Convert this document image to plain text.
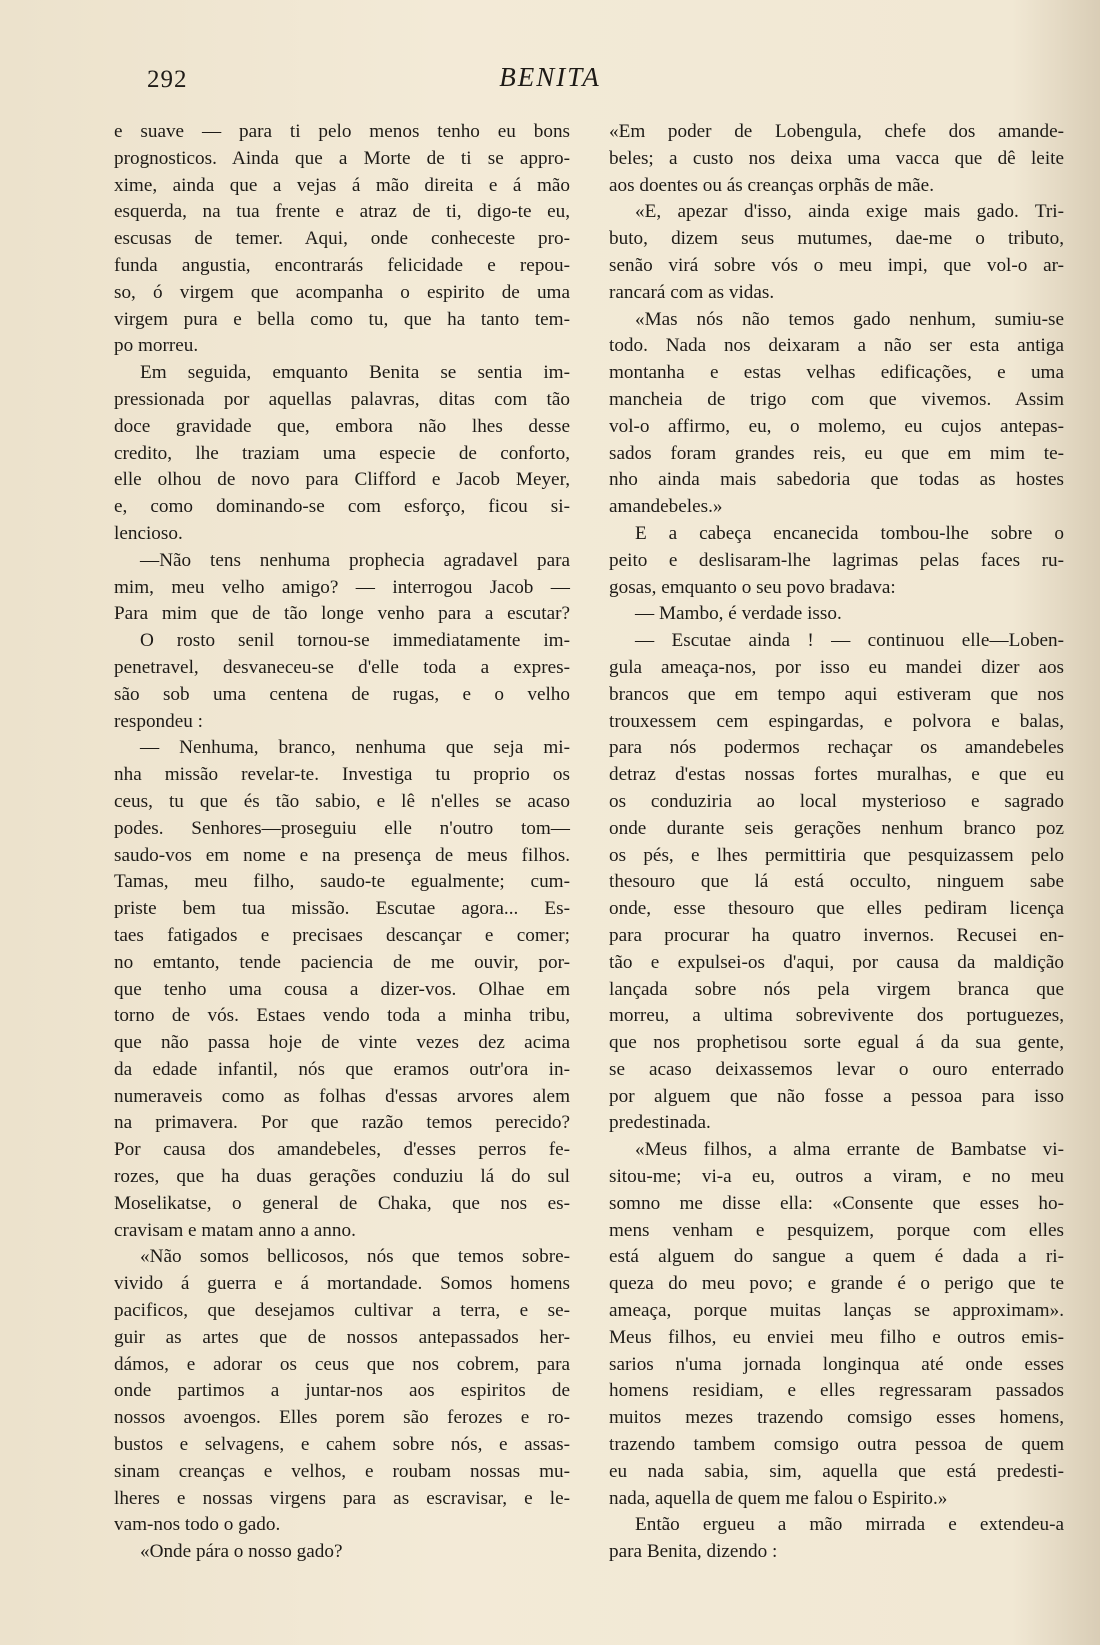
292	BENITA
e suave — para ti pelo menos tenho eu bons
prognosticos. Ainda que a Morte de ti se appro-
xime, ainda que a vejas á mão direita e á mão
esquerda, na tua frente e atraz de ti, digo-te eu,
escusas de temer. Aqui, onde conheceste pro-
funda angustia, encontrarás felicidade e repou-
so, ó virgem que acompanha o espirito de uma
virgem pura e bella como tu, que ha tanto tem-
po morreu.
Em seguida, emquanto Benita se sentia im-
pressionada por aquellas palavras, ditas com tão
doce gravidade que, embora não lhes desse
credito, lhe traziam uma especie de conforto,
elle olhou de novo para Clifford e Jacob Meyer,
e, como dominando-se com esforço, ficou si-
lencioso.
—Não tens nenhuma prophecia agradavel para
mim, meu velho amigo? — interrogou Jacob —
Para mim que de tão longe venho para a escutar?
O rosto senil tornou-se immediatamente im-
penetravel, desvaneceu-se d'elle toda a expres-
são sob uma centena de rugas, e o velho
respondeu :
— Nenhuma, branco, nenhuma que seja mi-
nha missão revelar-te. Investiga tu proprio os
ceus, tu que és tão sabio, e lê n'elles se acaso
podes. Senhores—proseguiu elle n'outro tom—
saudo-vos em nome e na presença de meus filhos.
Tamas, meu filho, saudo-te egualmente; cum-
priste bem tua missão. Escutae agora... Es-
taes fatigados e precisaes descançar e comer;
no emtanto, tende paciencia de me ouvir, por-
que tenho uma cousa a dizer-vos. Olhae em
torno de vós. Estaes vendo toda a minha tribu,
que não passa hoje de vinte vezes dez acima
da edade infantil, nós que eramos outr'ora in-
numeraveis como as folhas d'essas arvores alem
na primavera. Por que razão temos perecido?
Por causa dos amandebeles, d'esses perros fe-
rozes, que ha duas gerações conduziu lá do sul
Moselikatse, o general de Chaka, que nos es-
cravisam e matam anno a anno.
«Não somos bellicosos, nós que temos sobre-
vivido á guerra e á mortandade. Somos homens
pacificos, que desejamos cultivar a terra, e se-
guir as artes que de nossos antepassados her-
dámos, e adorar os ceus que nos cobrem, para
onde partimos a juntar-nos aos espiritos de
nossos avoengos. Elles porem são ferozes e ro-
bustos e selvagens, e cahem sobre nós, e assas-
sinam creanças e velhos, e roubam nossas mu-
lheres e nossas virgens para as escravisar, e le-
vam-nos todo o gado.
«Onde pára o nosso gado?
«Em poder de Lobengula, chefe dos amande-
beles; a custo nos deixa uma vacca que dê leite
aos doentes ou ás creanças orphãs de mãe.
«E, apezar d'isso, ainda exige mais gado. Tri-
buto, dizem seus mutumes, dae-me o tributo,
senão virá sobre vós o meu impi, que vol-o ar-
rancará com as vidas.
«Mas nós não temos gado nenhum, sumiu-se
todo. Nada nos deixaram a não ser esta antiga
montanha e estas velhas edificações, e uma
mancheia de trigo com que vivemos. Assim
vol-o affirmo, eu, o molemo, eu cujos antepas-
sados foram grandes reis, eu que em mim te-
nho ainda mais sabedoria que todas as hostes
amandebeles.»
E a cabeça encanecida tombou-lhe sobre o
peito e deslisaram-lhe lagrimas pelas faces ru-
gosas, emquanto o seu povo bradava:
— Mambo, é verdade isso.
— Escutae ainda ! — continuou elle—Loben-
gula ameaça-nos, por isso eu mandei dizer aos
brancos que em tempo aqui estiveram que nos
trouxessem cem espingardas, e polvora e balas,
para nós podermos rechaçar os amandebeles
detraz d'estas nossas fortes muralhas, e que eu
os conduziria ao local mysterioso e sagrado
onde durante seis gerações nenhum branco poz
os pés, e lhes permittiria que pesquizassem pelo
thesouro que lá está occulto, ninguem sabe
onde, esse thesouro que elles pediram licença
para procurar ha quatro invernos. Recusei en-
tão e expulsei-os d'aqui, por causa da maldição
lançada sobre nós pela virgem branca que
morreu, a ultima sobrevivente dos portuguezes,
que nos prophetisou sorte egual á da sua gente,
se acaso deixassemos levar o ouro enterrado
por alguem que não fosse a pessoa para isso
predestinada.
«Meus filhos, a alma errante de Bambatse vi-
sitou-me; vi-a eu, outros a viram, e no meu
somno me disse ella: «Consente que esses ho-
mens venham e pesquizem, porque com elles
está alguem do sangue a quem é dada a ri-
queza do meu povo; e grande é o perigo que te
ameaça, porque muitas lanças se approximam».
Meus filhos, eu enviei meu filho e outros emis-
sarios n'uma jornada longinqua até onde esses
homens residiam, e elles regressaram passados
muitos mezes trazendo comsigo esses homens,
trazendo tambem comsigo outra pessoa de quem
eu nada sabia, sim, aquella que está predesti-
nada, aquella de quem me falou o Espirito.»
Então ergueu a mão mirrada e extendeu-a
para Benita, dizendo :
